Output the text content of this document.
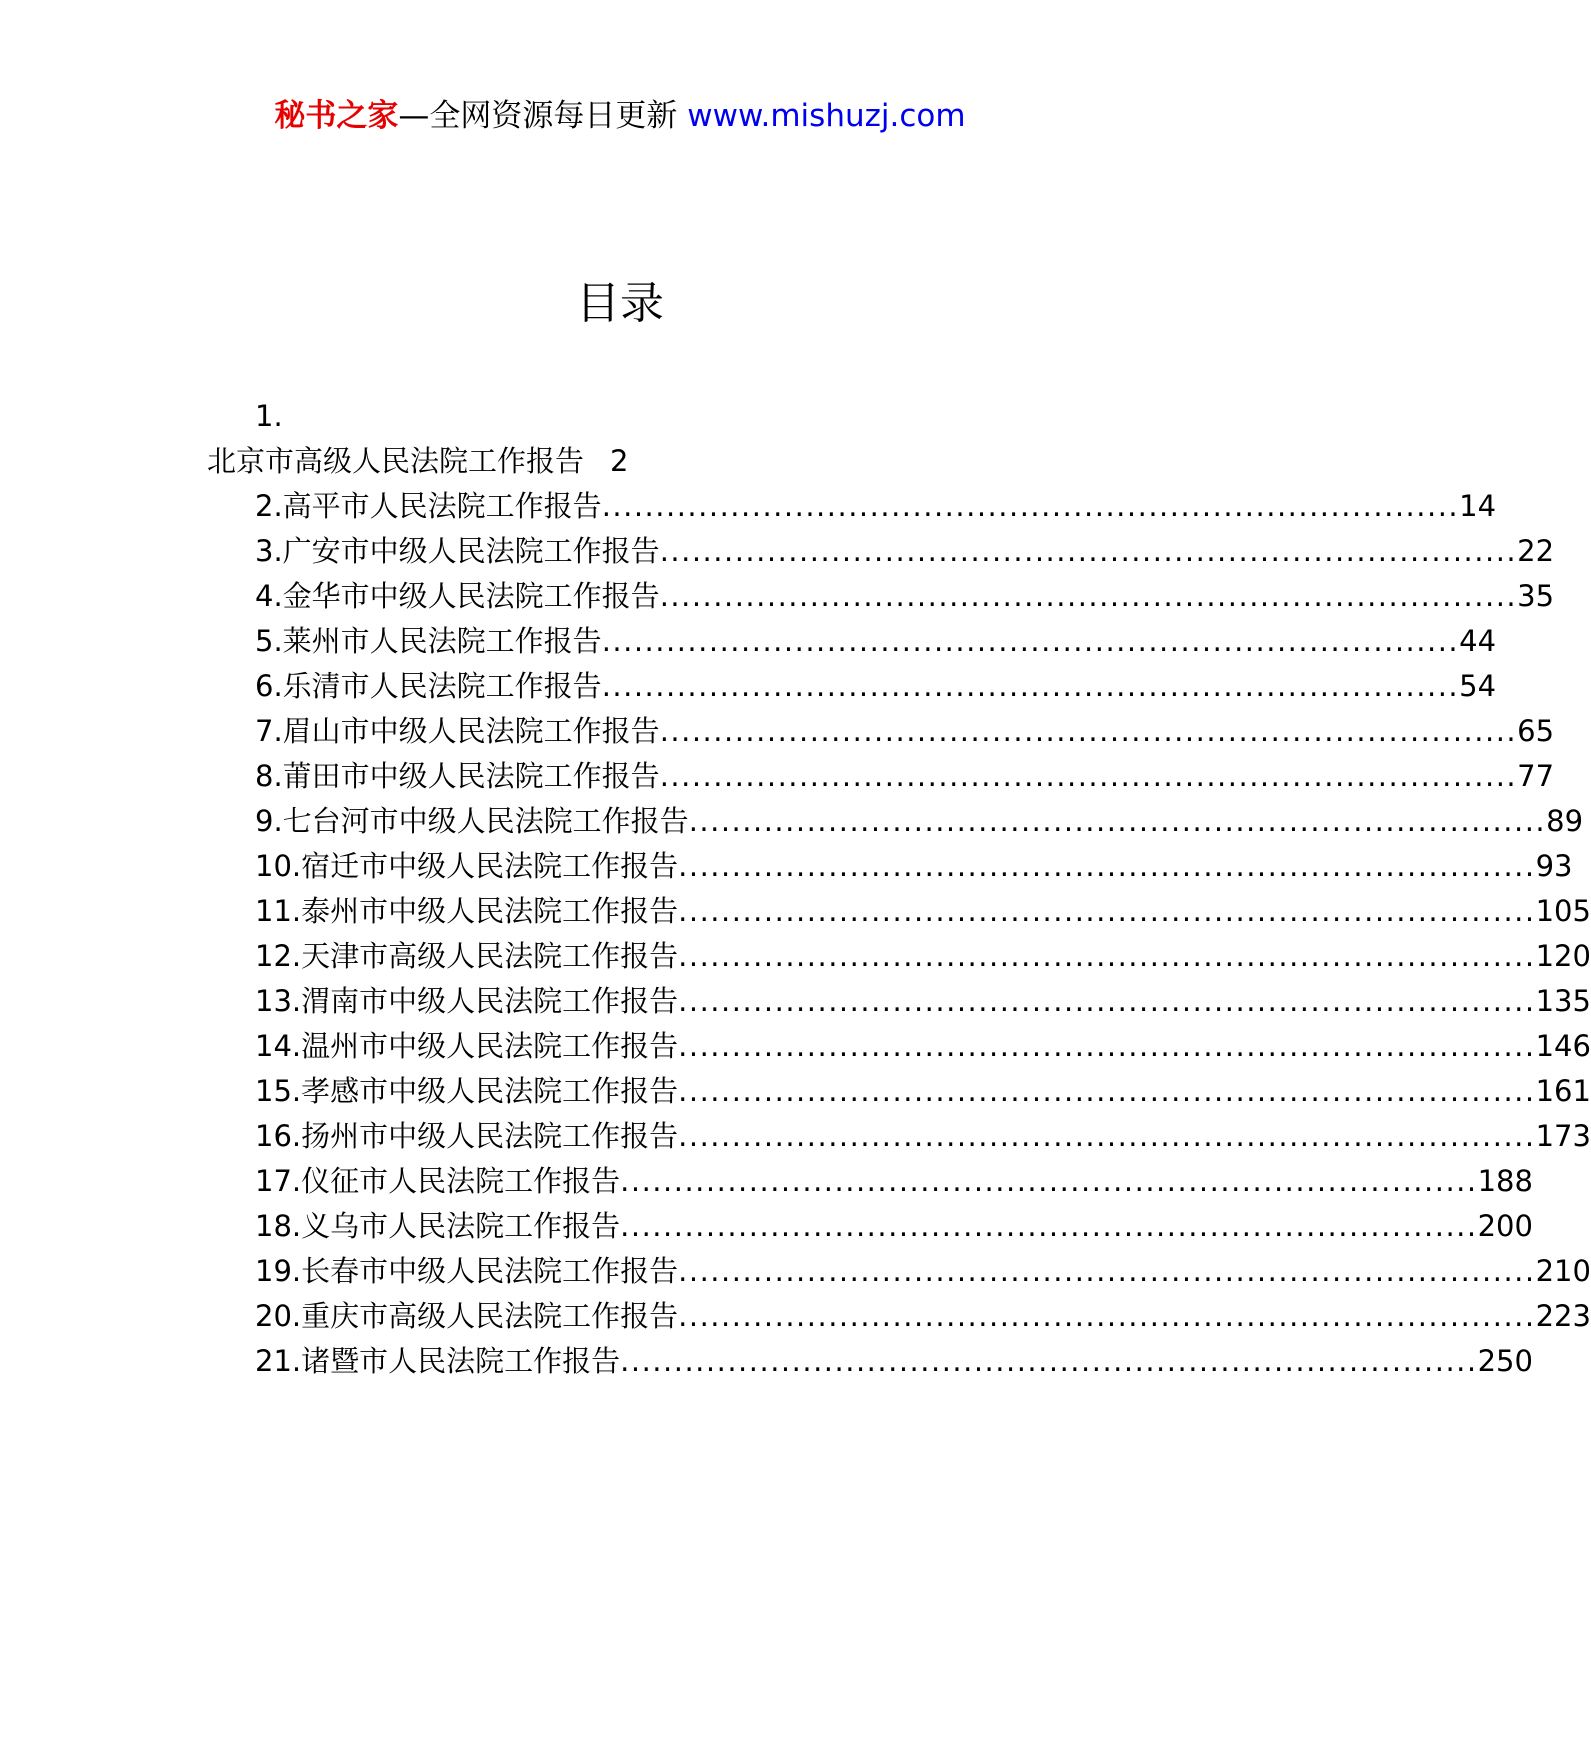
秘书之家—全网资源每日更新 www.mishuzj.com
目录
1.
北京市高级人民法院工作报告 2
2. 高平市人民法院工作报告 ................................................................................ 14
3. 广安市中级人民法院工作报告 ................................................................................ 22
4. 金华市中级人民法院工作报告 ................................................................................ 35
5. 莱州市人民法院工作报告 ................................................................................ 44
6. 乐清市人民法院工作报告 ................................................................................ 54
7. 眉山市中级人民法院工作报告 ................................................................................ 65
8. 莆田市中级人民法院工作报告 ................................................................................ 77
9. 七台河市中级人民法院工作报告 ................................................................................ 89
10. 宿迁市中级人民法院工作报告 ................................................................................ 93
11. 泰州市中级人民法院工作报告 ................................................................................ 105
12. 天津市高级人民法院工作报告 ................................................................................ 120
13. 渭南市中级人民法院工作报告 ................................................................................ 135
14. 温州市中级人民法院工作报告 ................................................................................ 146
15. 孝感市中级人民法院工作报告 ................................................................................ 161
16. 扬州市中级人民法院工作报告 ................................................................................ 173
17. 仪征市人民法院工作报告 ................................................................................ 188
18. 义乌市人民法院工作报告 ................................................................................ 200
19. 长春市中级人民法院工作报告 ................................................................................ 210
20. 重庆市高级人民法院工作报告 ................................................................................ 223
21. 诸暨市人民法院工作报告 ................................................................................ 250
